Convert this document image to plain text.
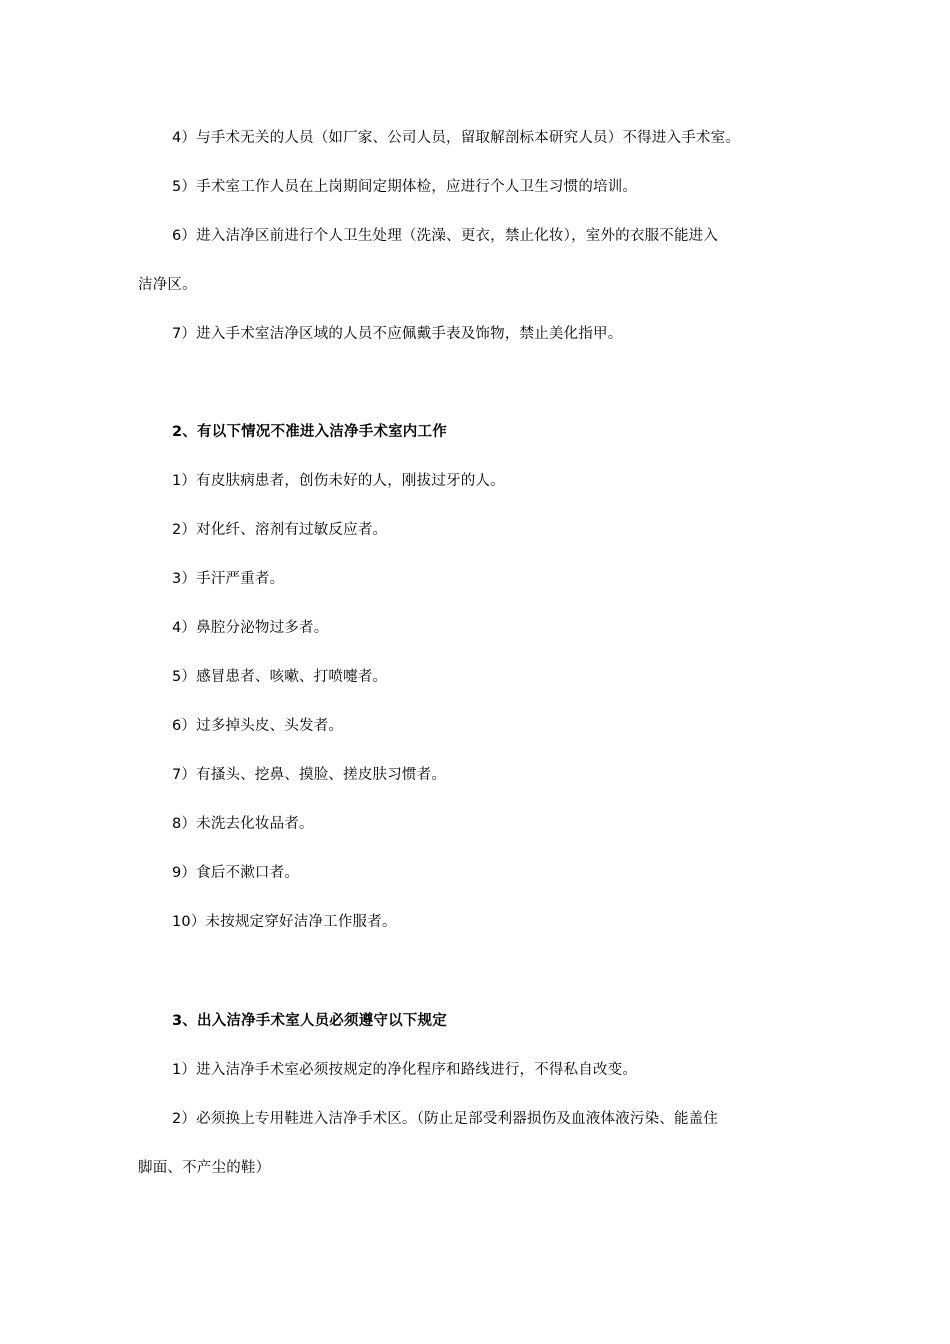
4）与手术无关的人员（如厂家、公司人员，留取解剖标本研究人员）不得进入手术室。
5）手术室工作人员在上岗期间定期体检，应进行个人卫生习惯的培训。
6）进入洁净区前进行个人卫生处理（洗澡、更衣，禁止化妆），室外的衣服不能进入
洁净区。
7）进入手术室洁净区域的人员不应佩戴手表及饰物，禁止美化指甲。
2、有以下情况不准进入洁净手术室内工作
1）有皮肤病患者，创伤未好的人，刚拔过牙的人。
2）对化纤、溶剂有过敏反应者。
3）手汗严重者。
4）鼻腔分泌物过多者。
5）感冒患者、咳嗽、打喷嚏者。
6）过多掉头皮、头发者。
7）有搔头、挖鼻、摸脸、搓皮肤习惯者。
8）未洗去化妆品者。
9）食后不漱口者。
10）未按规定穿好洁净工作服者。
3、出入洁净手术室人员必须遵守以下规定
1）进入洁净手术室必须按规定的净化程序和路线进行，不得私自改变。
2）必须换上专用鞋进入洁净手术区。（防止足部受利器损伤及血液体液污染、能盖住
脚面、不产尘的鞋）
